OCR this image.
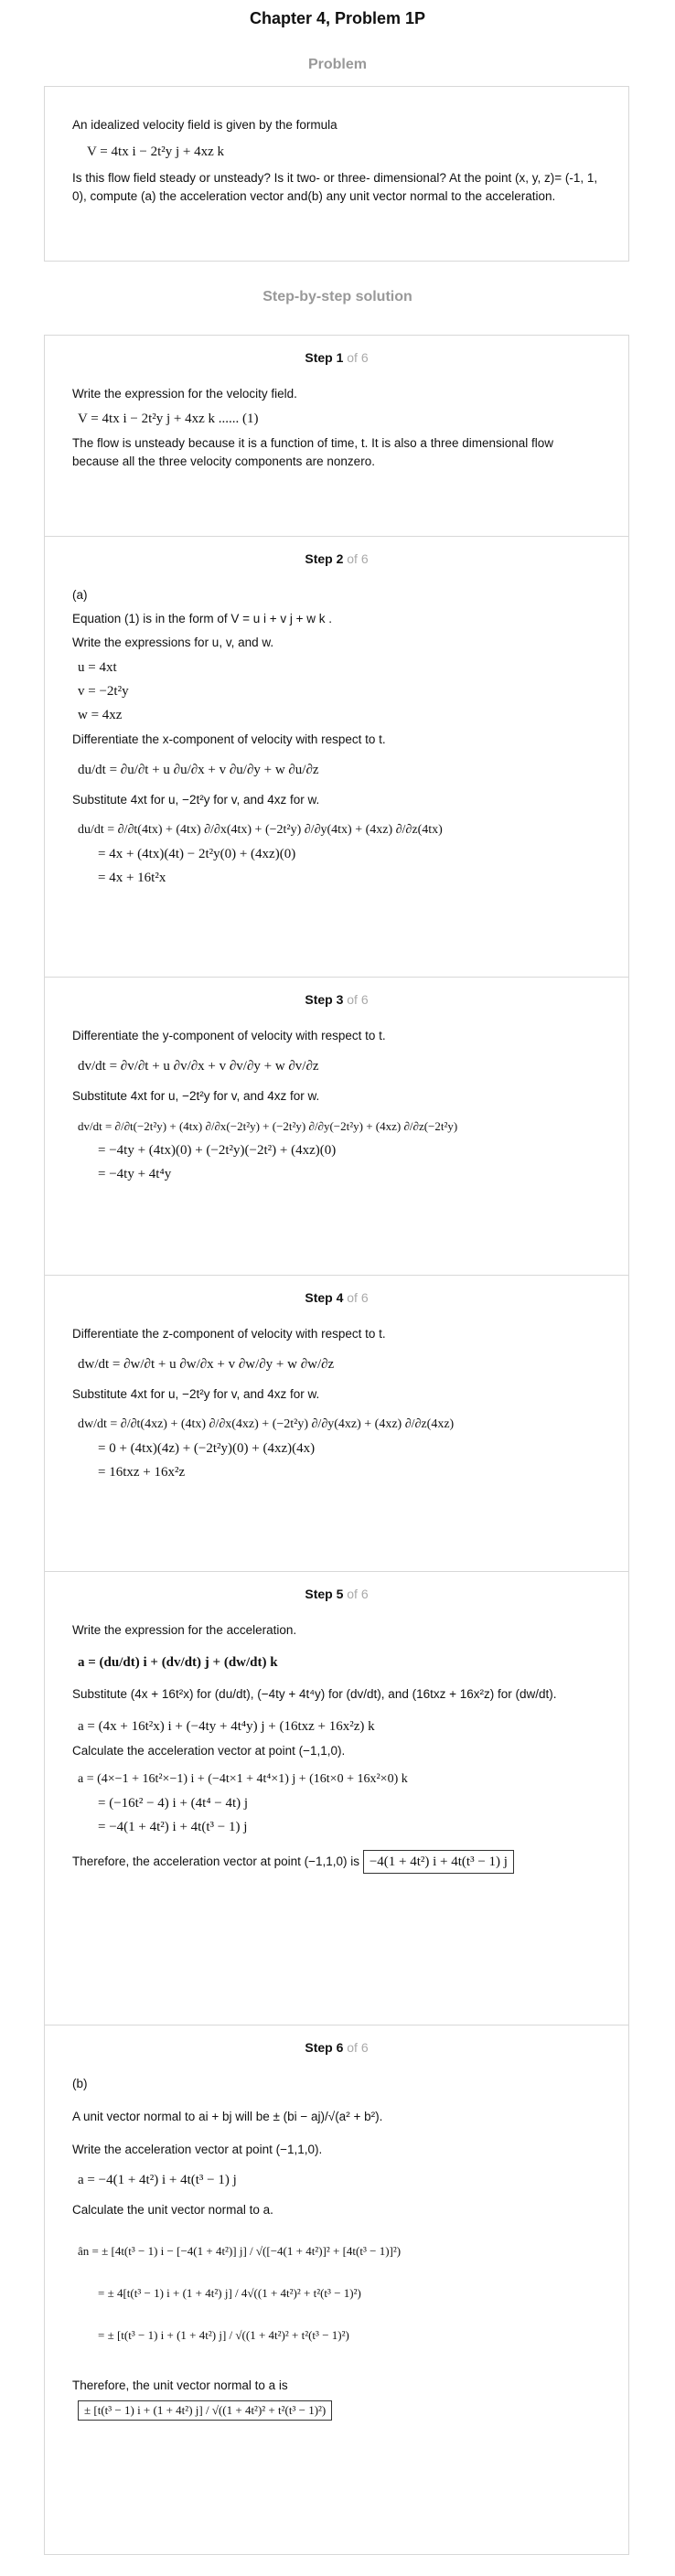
Chapter 4, Problem 1P
Problem

An idealized velocity field is given by the formula

V = 4tx i − 2t²y j + 4xz k

Is this flow field steady or unsteady? Is it two- or three- dimensional? At the point (x, y, z)= (-1, 1, 0), compute (a) the acceleration vector and(b) any unit vector normal to the acceleration.

Step-by-step solution
Step 1 of 6

Write the expression for the velocity field.

V = 4tx i − 2t²y j + 4xz k ...... (1)

The flow is unsteady because it is a function of time, t. It is also a three dimensional flow because all the three velocity components are nonzero.

Step 2 of 6

(a)

Equation (1) is in the form of V = u i + v j + w k .

Write the expressions for u, v, and w.

u = 4xt
v = −2t²y
w = 4xz

Differentiate the x-component of velocity with respect to t.

du/dt = ∂u/∂t + u ∂u/∂x + v ∂u/∂y + w ∂u/∂z

Substitute 4xt for u, −2t²y for v, and 4xz for w.

du/dt = ∂/∂t(4tx) + (4tx) ∂/∂x(4tx) + (−2t²y) ∂/∂y(4tx) + (4xz) ∂/∂z(4tx)
= 4x + (4tx)(4t) − 2t²y(0) + (4xz)(0)
= 4x + 16t²x
Step 3 of 6

Differentiate the y-component of velocity with respect to t.

dv/dt = ∂v/∂t + u ∂v/∂x + v ∂v/∂y + w ∂v/∂z

Substitute 4xt for u, −2t²y for v, and 4xz for w.

dv/dt = ∂/∂t(−2t²y) + (4tx) ∂/∂x(−2t²y) + (−2t²y) ∂/∂y(−2t²y) + (4xz) ∂/∂z(−2t²y)
= −4ty + (4tx)(0) + (−2t²y)(−2t²) + (4xz)(0)
= −4ty + 4t⁴y
Step 4 of 6

Differentiate the z-component of velocity with respect to t.

dw/dt = ∂w/∂t + u ∂w/∂x + v ∂w/∂y + w ∂w/∂z

Substitute 4xt for u, −2t²y for v, and 4xz for w.

dw/dt = ∂/∂t(4xz) + (4tx) ∂/∂x(4xz) + (−2t²y) ∂/∂y(4xz) + (4xz) ∂/∂z(4xz)
= 0 + (4tx)(4z) + (−2t²y)(0) + (4xz)(4x)
= 16txz + 16x²z
Step 5 of 6

Write the expression for the acceleration.

a = (du/dt) i + (dv/dt) j + (dw/dt) k

Substitute (4x + 16t²x) for (du/dt), (−4ty + 4t⁴y) for (dv/dt), and (16txz + 16x²z) for (dw/dt).

a = (4x + 16t²x) i + (−4ty + 4t⁴y) j + (16txz + 16x²z) k

Calculate the acceleration vector at point (−1,1,0).

a = (4×−1 + 16t²×−1) i + (−4t×1 + 4t⁴×1) j + (16t×0 + 16x²×0) k
= (−16t² − 4) i + (4t⁴ − 4t) j
= −4(1 + 4t²) i + 4t(t³ − 1) j

Therefore, the acceleration vector at point (−1,1,0) is −4(1 + 4t²) i + 4t(t³ − 1) j

Step 6 of 6

(b)

A unit vector normal to ai + bj will be ± (bi − aj)/√(a² + b²).

Write the acceleration vector at point (−1,1,0).

a = −4(1 + 4t²) i + 4t(t³ − 1) j

Calculate the unit vector normal to a.

ân = ± [4t(t³ − 1) i − [−4(1 + 4t²)] j] / √([−4(1 + 4t²)]² + [4t(t³ − 1)]²)
= ± 4[t(t³ − 1) i + (1 + 4t²) j] / 4√((1 + 4t²)² + t²(t³ − 1)²)
= ± [t(t³ − 1) i + (1 + 4t²) j] / √((1 + 4t²)² + t²(t³ − 1)²)

Therefore, the unit vector normal to a is

± [t(t³ − 1) i + (1 + 4t²) j] / √((1 + 4t²)² + t²(t³ − 1)²)
